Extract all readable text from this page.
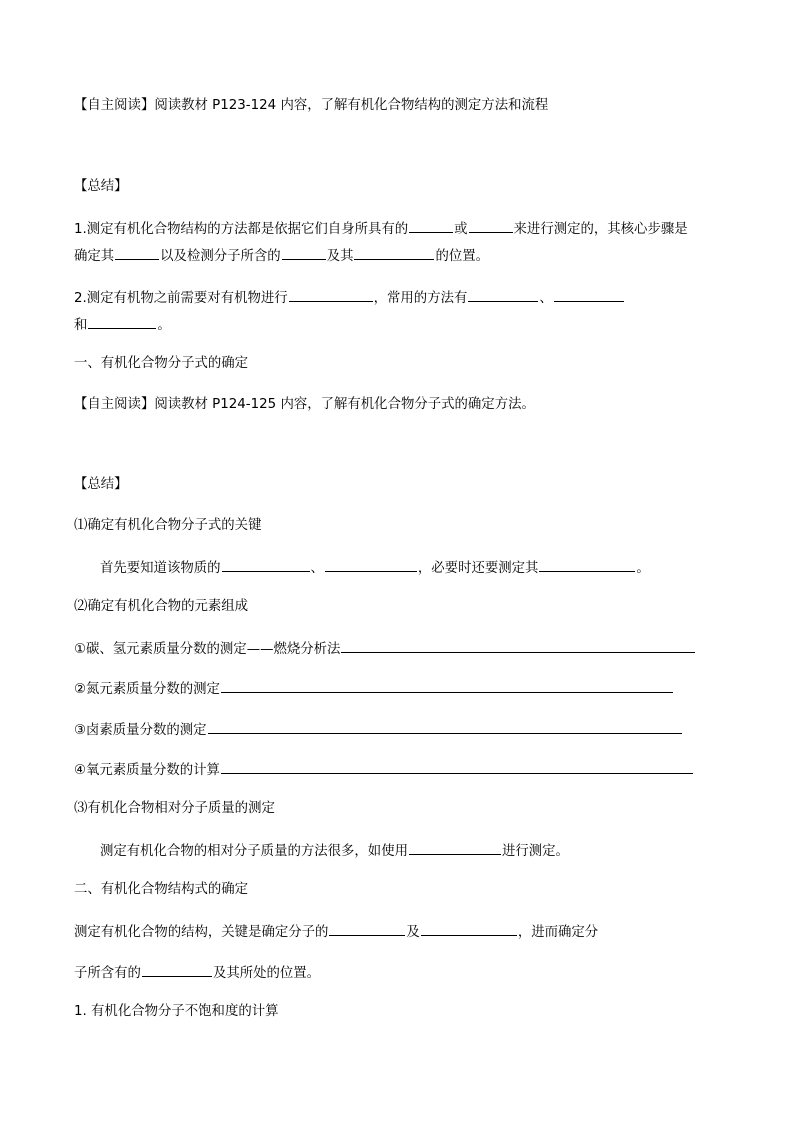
【自主阅读】阅读教材 P123-124 内容，了解有机化合物结构的测定方法和流程
【总结】
1.测定有机化合物结构的方法都是依据它们自身所具有的	或	来进行测定的，其核心步骤是
确定其	以及检测分子所含的	及其	的位置。
2.测定有机物之前需要对有机物进行	，常用的方法有	、
和	。
一、有机化合物分子式的确定
【自主阅读】阅读教材 P124-125 内容，了解有机化合物分子式的确定方法。
【总结】
⑴确定有机化合物分子式的关键
首先要知道该物质的	、	，必要时还要测定其	。
⑵确定有机化合物的元素组成
①碳、氢元素质量分数的测定——燃烧分析法
②氮元素质量分数的测定
③卤素质量分数的测定
④氧元素质量分数的计算
⑶有机化合物相对分子质量的测定
测定有机化合物的相对分子质量的方法很多，如使用	进行测定。
二、有机化合物结构式的确定
测定有机化合物的结构，关键是确定分子的	及	，进而确定分
子所含有的	及其所处的位置。
1. 有机化合物分子不饱和度的计算
